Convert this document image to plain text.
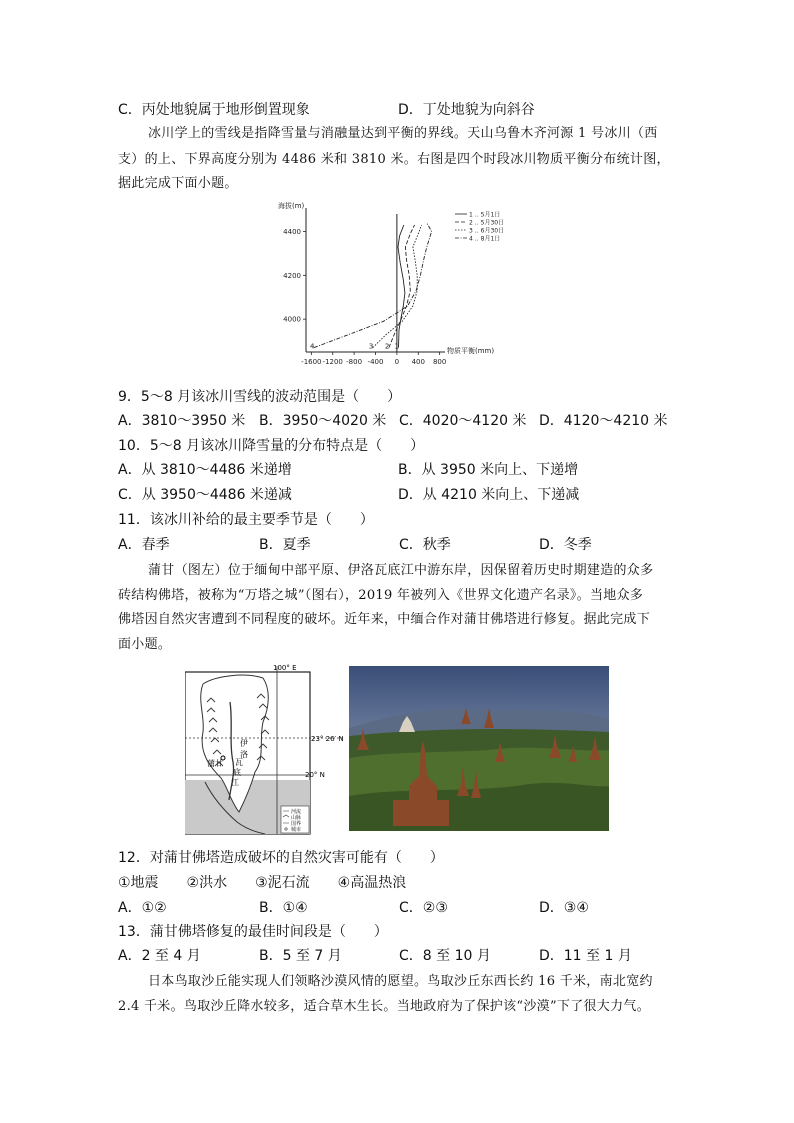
C．丙处地貌属于地形倒置现象	D．丁处地貌为向斜谷
冰川学上的雪线是指降雪量与消融量达到平衡的界线。天山乌鲁木齐河源 1 号冰川（西
支）的上、下界高度分别为 4486 米和 3810 米。右图是四个时段冰川物质平衡分布统计图，
据此完成下面小题。
海拔(m)
物质平衡(mm)
4000
4200
4400
-1600 -1200 -800 -400 0 400 800
1
2
3
4
1 ‥ 5月1日
2 ‥ 5月30日
3 ‥ 6月30日
4 ‥ 8月1日
9．5～8 月该冰川雪线的波动范围是（　　）
A．3810～3950 米 B．3950～4020 米 C．4020～4120 米 D．4120～4210 米
10．5～8 月该冰川降雪量的分布特点是（　　）
A．从 3810～4486 米递增	B．从 3950 米向上、下递增
C．从 3950～4486 米递减	D．从 4210 米向上、下递减
11．该冰川补给的最主要季节是（　　）
A．春季	B．夏季	C．秋季	D．冬季
蒲甘（图左）位于缅甸中部平原、伊洛瓦底江中游东岸，因保留着历史时期建造的众多
砖结构佛塔，被称为“万塔之城”（图右），2019 年被列入《世界文化遗产名录》。当地众多
佛塔因自然灾害遭到不同程度的破坏。近年来，中缅合作对蒲甘佛塔进行修复。据此完成下
面小题。
100° E
23° 26′ N
20° N
伊
洛
瓦
底
江
蒲甘
河流
山脉
国界
城市
12．对蒲甘佛塔造成破坏的自然灾害可能有（　　）
①地震　　②洪水　　③泥石流　　④高温热浪
A．①②	B．①④	C．②③	D．③④
13．蒲甘佛塔修复的最佳时间段是（　　）
A．2 至 4 月	B．5 至 7 月	C．8 至 10 月	D．11 至 1 月
日本鸟取沙丘能实现人们领略沙漠风情的愿望。鸟取沙丘东西长约 16 千米，南北宽约
2.4 千米。鸟取沙丘降水较多，适合草木生长。当地政府为了保护该“沙漠”下了很大力气。
